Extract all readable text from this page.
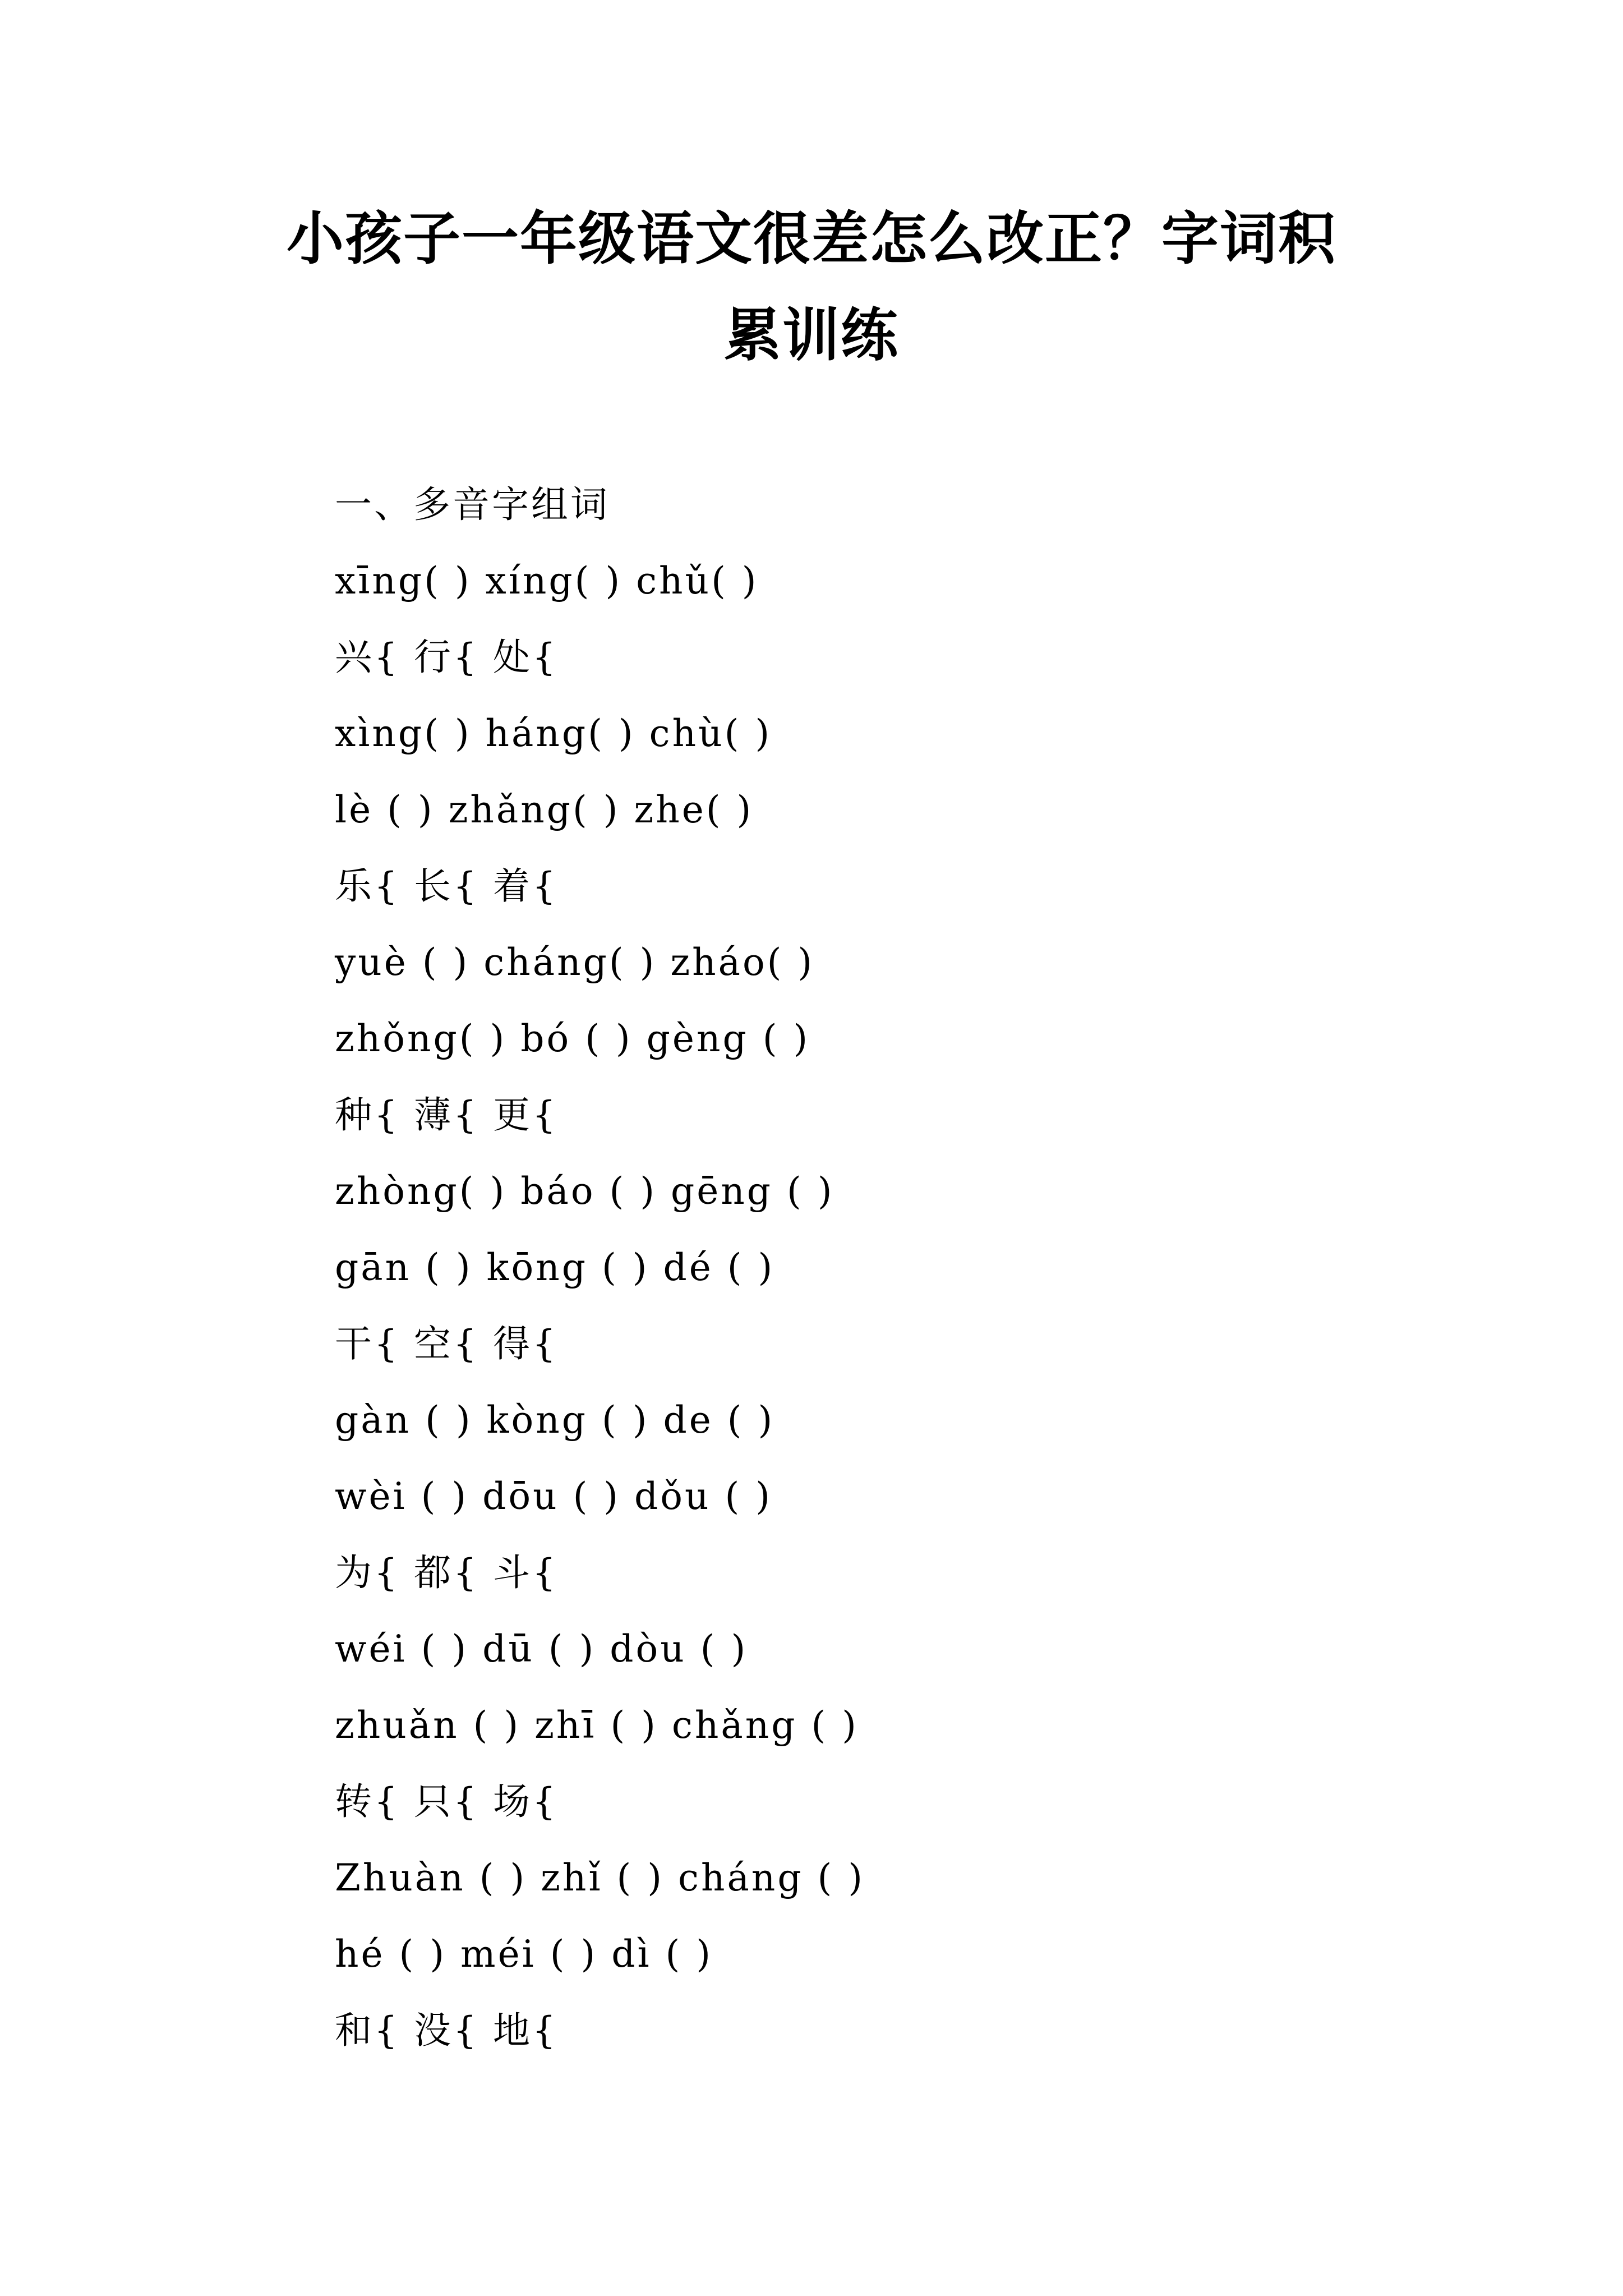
小孩子一年级语文很差怎么改正？字词积
累训练
一、多音字组词
xīng( ) xíng( ) chǔ( )
兴{ 行{ 处{
xìng( ) háng( ) chù( )
lè ( ) zhǎng( ) zhe( )
乐{ 长{ 着{
yuè ( ) cháng( ) zháo( )
zhǒng( ) bó ( ) gèng ( )
种{ 薄{ 更{
zhòng( ) báo ( ) gēng ( )
gān ( ) kōng ( ) dé ( )
干{ 空{ 得{
gàn ( ) kòng ( ) de ( )
wèi ( ) dōu ( ) dǒu ( )
为{ 都{ 斗{
wéi ( ) dū ( ) dòu ( )
zhuǎn ( ) zhī ( ) chǎng ( )
转{ 只{ 场{
Zhuàn ( ) zhǐ ( ) cháng ( )
hé ( ) méi ( ) dì ( )
和{ 没{ 地{
